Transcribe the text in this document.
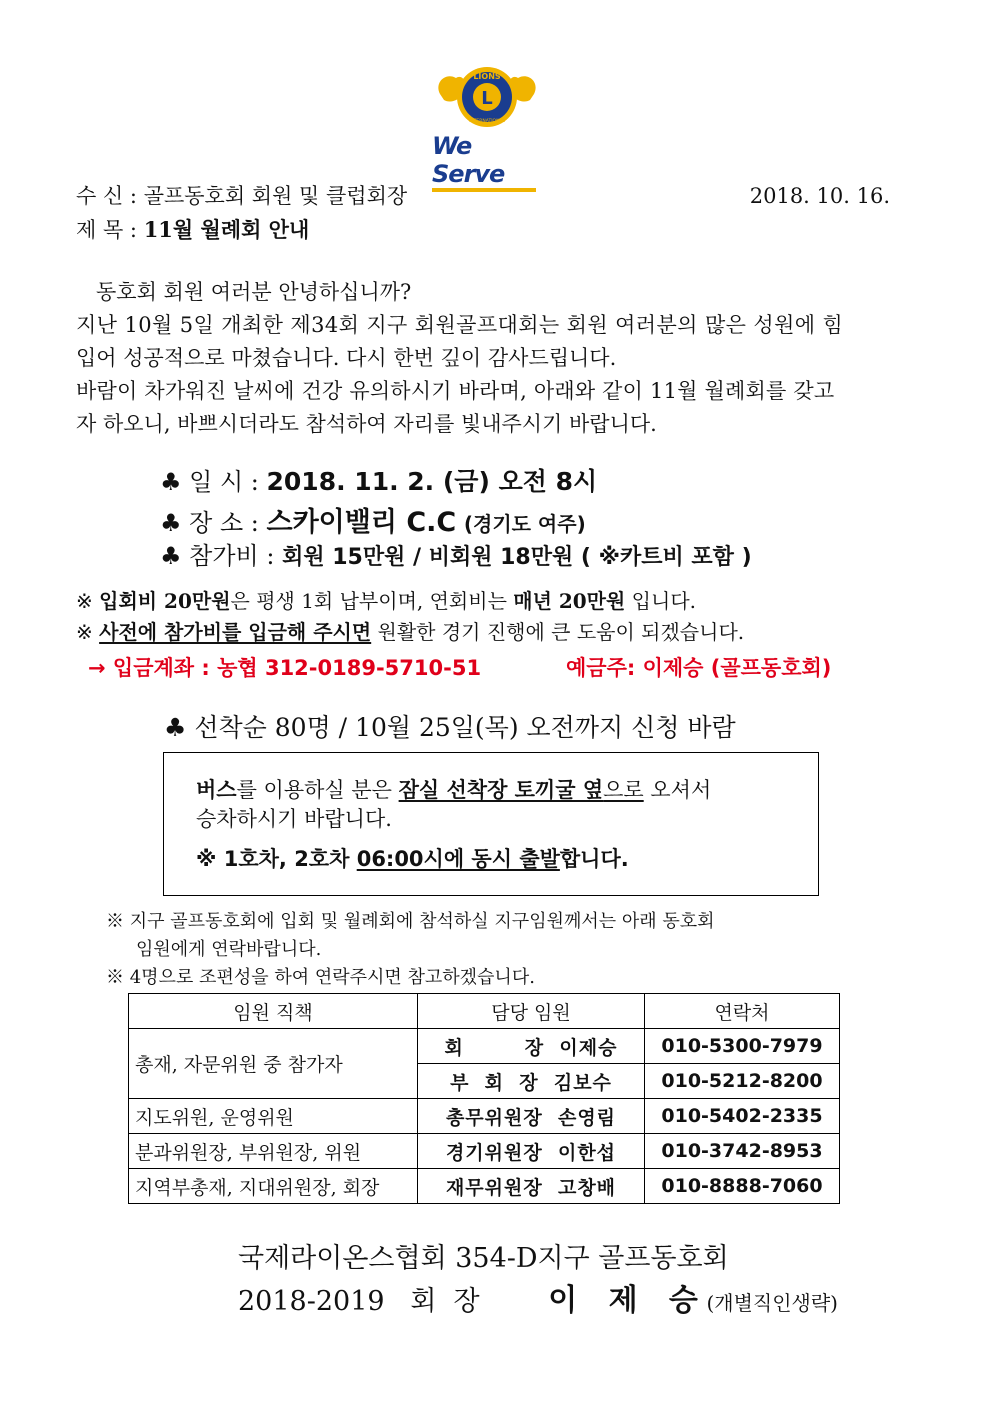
L
LIONS
INTERNATIONAL
We Serve
수 신 : 골프동호회 회원 및 클럽회장	2018. 10. 16.
제 목 : 11월 월례회 안내
동호회 회원 여러분 안녕하십니까?
지난 10월 5일 개최한 제34회 지구 회원골프대회는 회원 여러분의 많은 성원에 힘
입어 성공적으로 마쳤습니다. 다시 한번 깊이 감사드립니다.
바람이 차가워진 날씨에 건강 유의하시기 바라며, 아래와 같이 11월 월례회를 갖고
자 하오니, 바쁘시더라도 참석하여 자리를 빛내주시기 바랍니다.
♣ 일 시 : 2018. 11. 2. (금) 오전 8시
♣ 장 소 : 스카이밸리 C.C (경기도 여주)
♣ 참가비 : 회원 15만원 / 비회원 18만원 ( ※카트비 포함 )
※ 입회비 20만원은 평생 1회 납부이며, 연회비는 매년 20만원 입니다.
※ 사전에 참가비를 입금해 주시면 원활한 경기 진행에 큰 도움이 되겠습니다.
→ 입금계좌 : 농협 312-0189-5710-51	예금주: 이제승 (골프동호회)
♣ 선착순 80명 / 10월 25일(목) 오전까지 신청 바람
버스를 이용하실 분은 잠실 선착장 토끼굴 옆으로 오셔서
승차하시기 바랍니다.
※ 1호차, 2호차 06:00시에 동시 출발합니다.
※ 지구 골프동호회에 입회 및 월례회에 참석하실 지구임원께서는 아래 동호회
임원에게 연락바랍니다.
※ 4명으로 조편성을 하여 연락주시면 참고하겠습니다.
임원 직책	담당 임원	연락처
총재, 자문위원 중 참가자	회        장 이제승	010-5300-7979
	부  회  장 김보수	010-5212-8200
지도위원, 운영위원	총무위원장 손영림	010-5402-2335
분과위원장, 부위원장, 위원	경기위원장 이한섭	010-3742-8953
지역부총재, 지대위원장, 회장	재무위원장 고창배	010-8888-7060
국제라이온스협회 354-D지구 골프동호회
2018-2019 회  장 이   제   승 (개별직인생략)
